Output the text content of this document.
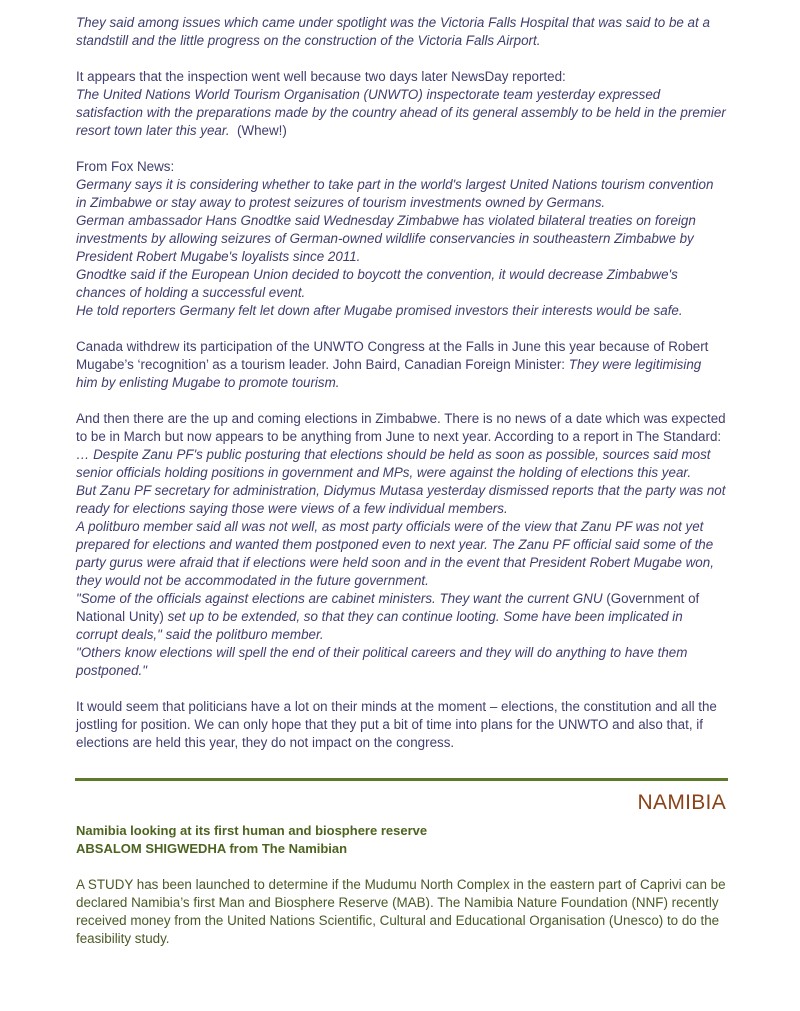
They said among issues which came under spotlight was the Victoria Falls Hospital that was said to be at a standstill and the little progress on the construction of the Victoria Falls Airport.

It appears that the inspection went well because two days later NewsDay reported:

The United Nations World Tourism Organisation (UNWTO) inspectorate team yesterday expressed satisfaction with the preparations made by the country ahead of its general assembly to be held in the premier resort town later this year. (Whew!)

From Fox News:

Germany says it is considering whether to take part in the world's largest United Nations tourism convention in Zimbabwe or stay away to protest seizures of tourism investments owned by Germans.

German ambassador Hans Gnodtke said Wednesday Zimbabwe has violated bilateral treaties on foreign investments by allowing seizures of German-owned wildlife conservancies in southeastern Zimbabwe by President Robert Mugabe's loyalists since 2011.

Gnodtke said if the European Union decided to boycott the convention, it would decrease Zimbabwe's chances of holding a successful event.

He told reporters Germany felt let down after Mugabe promised investors their interests would be safe.

Canada withdrew its participation of the UNWTO Congress at the Falls in June this year because of Robert Mugabe’s ‘recognition’ as a tourism leader. John Baird, Canadian Foreign Minister: They were legitimising him by enlisting Mugabe to promote tourism.

And then there are the up and coming elections in Zimbabwe. There is no news of a date which was expected to be in March but now appears to be anything from June to next year. According to a report in The Standard:

… Despite Zanu PF's public posturing that elections should be held as soon as possible, sources said most senior officials holding positions in government and MPs, were against the holding of elections this year.

But Zanu PF secretary for administration, Didymus Mutasa yesterday dismissed reports that the party was not ready for elections saying those were views of a few individual members.

A politburo member said all was not well, as most party officials were of the view that Zanu PF was not yet prepared for elections and wanted them postponed even to next year. The Zanu PF official said some of the party gurus were afraid that if elections were held soon and in the event that President Robert Mugabe won, they would not be accommodated in the future government.

"Some of the officials against elections are cabinet ministers. They want the current GNU (Government of National Unity) set up to be extended, so that they can continue looting. Some have been implicated in corrupt deals," said the politburo member.

"Others know elections will spell the end of their political careers and they will do anything to have them postponed."

It would seem that politicians have a lot on their minds at the moment – elections, the constitution and all the jostling for position. We can only hope that they put a bit of time into plans for the UNWTO and also that, if elections are held this year, they do not impact on the congress.

NAMIBIA

Namibia looking at its first human and biosphere reserve

ABSALOM SHIGWEDHA from The Namibian

A STUDY has been launched to determine if the Mudumu North Complex in the eastern part of Caprivi can be declared Namibia’s first Man and Biosphere Reserve (MAB). The Namibia Nature Foundation (NNF) recently received money from the United Nations Scientific, Cultural and Educational Organisation (Unesco) to do the feasibility study.
